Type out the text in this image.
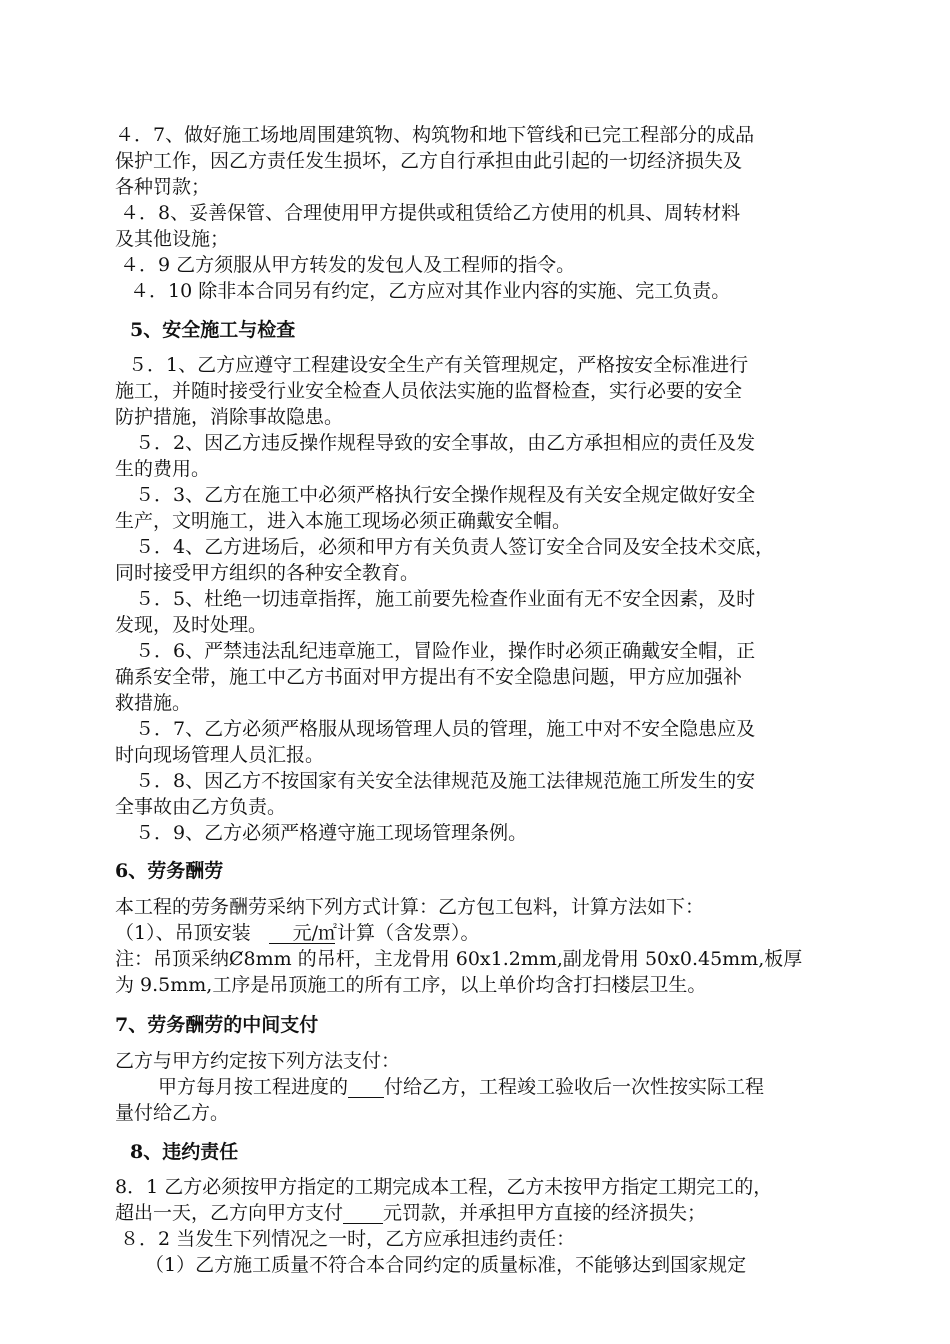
４．7、做好施工场地周围建筑物、构筑物和地下管线和已完工程部分的成品
保护工作，因乙方责任发生损坏，乙方自行承担由此引起的一切经济损失及
各种罚款；
４．8、妥善保管、合理使用甲方提供或租赁给乙方使用的机具、周转材料
及其他设施；
４．9 乙方须服从甲方转发的发包人及工程师的指令。
４．10 除非本合同另有约定，乙方应对其作业内容的实施、完工负责。
5、安全施工与检查
５．1、乙方应遵守工程建设安全生产有关管理规定，严格按安全标准进行
施工，并随时接受行业安全检查人员依法实施的监督检查，实行必要的安全
防护措施，消除事故隐患。
５．2、因乙方违反操作规程导致的安全事故，由乙方承担相应的责任及发
生的费用。
５．3、乙方在施工中必须严格执行安全操作规程及有关安全规定做好安全
生产，文明施工，进入本施工现场必须正确戴安全帽。
５．4、乙方进场后，必须和甲方有关负责人签订安全合同及安全技术交底，
同时接受甲方组织的各种安全教育。
５．5、杜绝一切违章指挥，施工前要先检查作业面有无不安全因素，及时
发现，及时处理。
５．6、严禁违法乱纪违章施工，冒险作业，操作时必须正确戴安全帽，正
确系安全带，施工中乙方书面对甲方提出有不安全隐患问题，甲方应加强补
救措施。
５．7、乙方必须严格服从现场管理人员的管理，施工中对不安全隐患应及
时向现场管理人员汇报。
５．8、因乙方不按国家有关安全法律规范及施工法律规范施工所发生的安
全事故由乙方负责。
５．9、乙方必须严格遵守施工现场管理条例。
6、劳务酬劳
本工程的劳务酬劳采纳下列方式计算：乙方包工包料，计算方法如下：
（1）、吊顶安装 元/㎡计算（含发票）。
注：吊顶采纳Ȼ8mm 的吊杆，主龙骨用 60x1.2mm,副龙骨用 50x0.45mm,板厚
为 9.5mm,工序是吊顶施工的所有工序，以上单价均含打扫楼层卫生。
7、劳务酬劳的中间支付
乙方与甲方约定按下列方法支付：
甲方每月按工程进度的 付给乙方，工程竣工验收后一次性按实际工程
量付给乙方。
8、违约责任
8．1 乙方必须按甲方指定的工期完成本工程，乙方未按甲方指定工期完工的，
超出一天，乙方向甲方支付 元罚款，并承担甲方直接的经济损失；
８．2 当发生下列情况之一时，乙方应承担违约责任：
（1）乙方施工质量不符合本合同约定的质量标准，不能够达到国家规定
